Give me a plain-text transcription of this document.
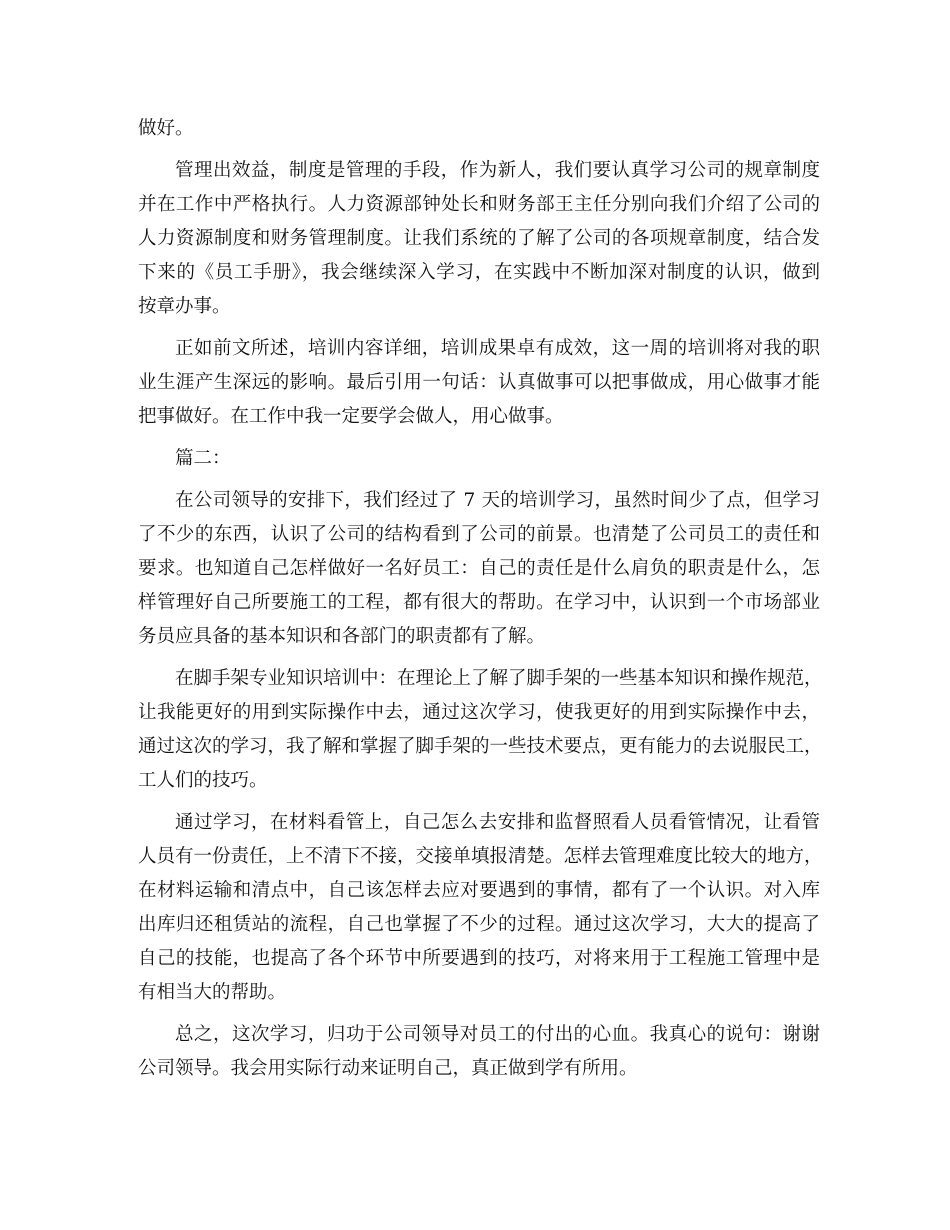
做好。
管理出效益，制度是管理的手段，作为新人，我们要认真学习公司的规章制度
并在工作中严格执行。人力资源部钟处长和财务部王主任分别向我们介绍了公司的
人力资源制度和财务管理制度。让我们系统的了解了公司的各项规章制度，结合发
下来的《员工手册》，我会继续深入学习，在实践中不断加深对制度的认识，做到
按章办事。
正如前文所述，培训内容详细，培训成果卓有成效，这一周的培训将对我的职
业生涯产生深远的影响。最后引用一句话：认真做事可以把事做成，用心做事才能
把事做好。在工作中我一定要学会做人，用心做事。
篇二：
在公司领导的安排下，我们经过了 7 天的培训学习，虽然时间少了点，但学习
了不少的东西，认识了公司的结构看到了公司的前景。也清楚了公司员工的责任和
要求。也知道自己怎样做好一名好员工：自己的责任是什么肩负的职责是什么，怎
样管理好自己所要施工的工程，都有很大的帮助。在学习中，认识到一个市场部业
务员应具备的基本知识和各部门的职责都有了解。
在脚手架专业知识培训中：在理论上了解了脚手架的一些基本知识和操作规范，
让我能更好的用到实际操作中去，通过这次学习，使我更好的用到实际操作中去，
通过这次的学习，我了解和掌握了脚手架的一些技术要点，更有能力的去说服民工，
工人们的技巧。
通过学习，在材料看管上，自己怎么去安排和监督照看人员看管情况，让看管
人员有一份责任，上不清下不接，交接单填报清楚。怎样去管理难度比较大的地方，
在材料运输和清点中，自己该怎样去应对要遇到的事情，都有了一个认识。对入库
出库归还租赁站的流程，自己也掌握了不少的过程。通过这次学习，大大的提高了
自己的技能，也提高了各个环节中所要遇到的技巧，对将来用于工程施工管理中是
有相当大的帮助。
总之，这次学习，归功于公司领导对员工的付出的心血。我真心的说句：谢谢
公司领导。我会用实际行动来证明自己，真正做到学有所用。
